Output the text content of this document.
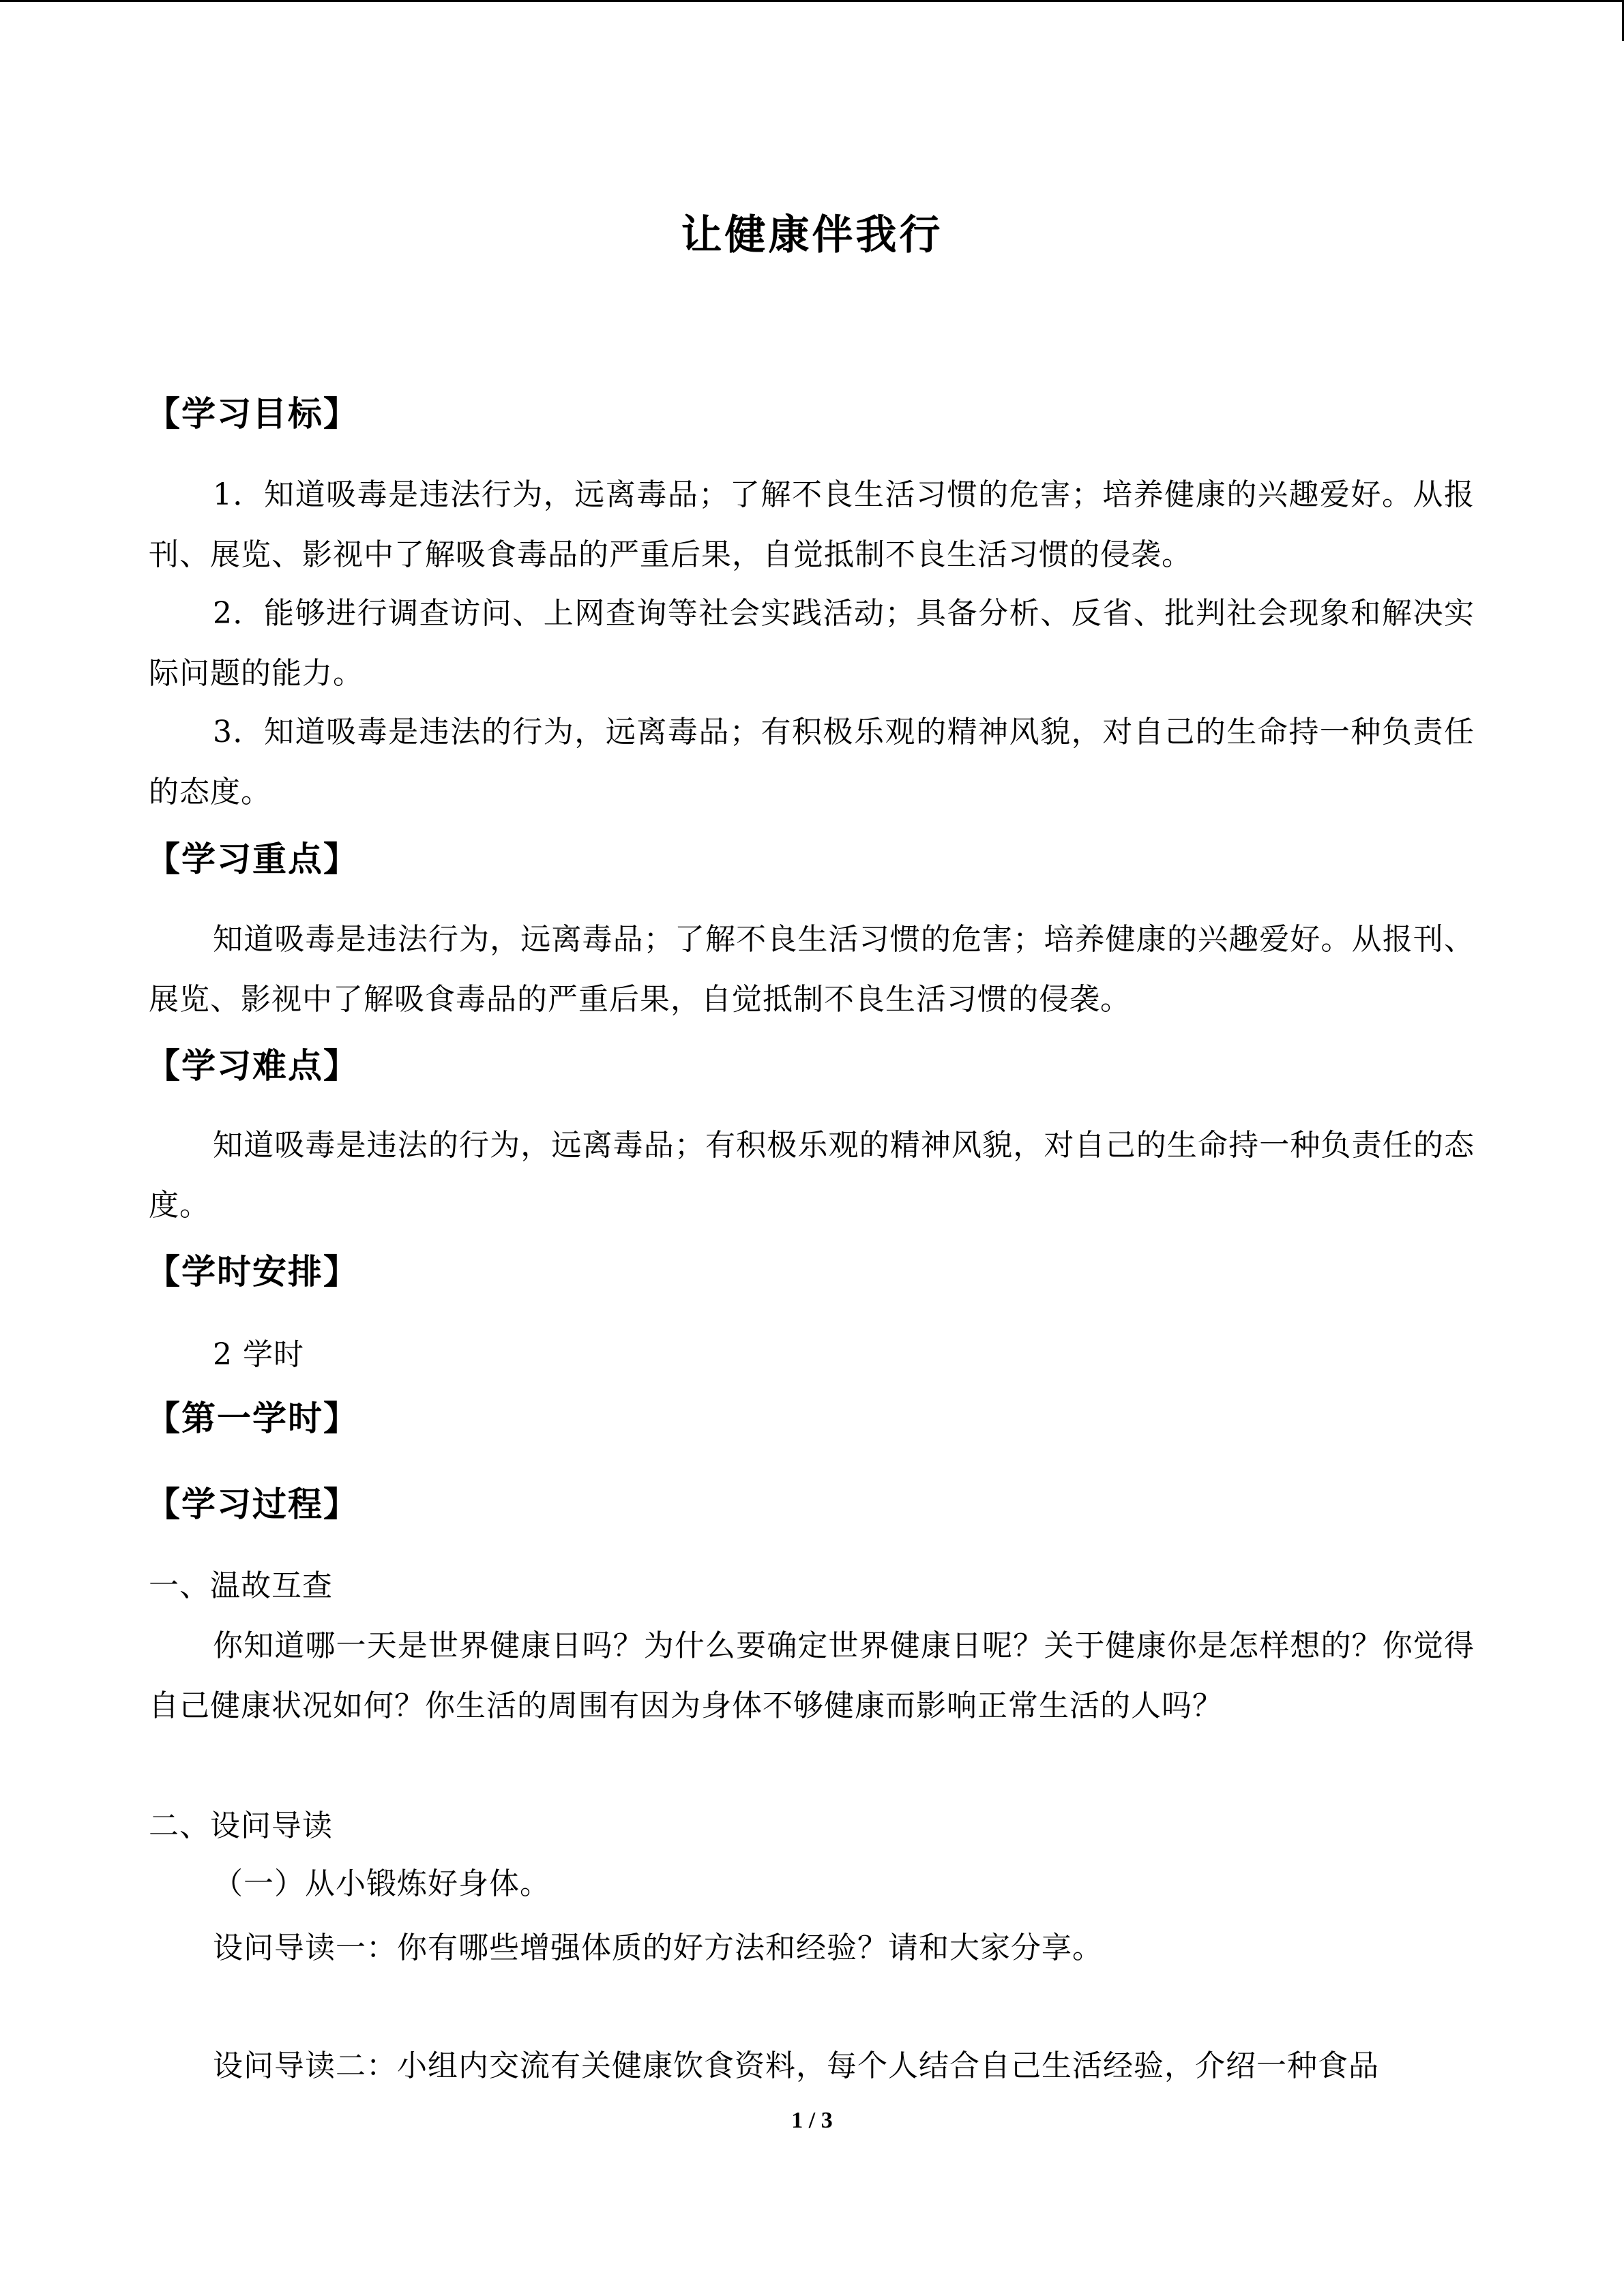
让健康伴我行
【学习目标】
1．知道吸毒是违法行为，远离毒品；了解不良生活习惯的危害；培养健康的兴趣爱好。从报刊、展览、影视中了解吸食毒品的严重后果，自觉抵制不良生活习惯的侵袭。
2．能够进行调查访问、上网查询等社会实践活动；具备分析、反省、批判社会现象和解决实际问题的能力。
3．知道吸毒是违法的行为，远离毒品；有积极乐观的精神风貌，对自己的生命持一种负责任的态度。
【学习重点】
知道吸毒是违法行为，远离毒品；了解不良生活习惯的危害；培养健康的兴趣爱好。从报刊、展览、影视中了解吸食毒品的严重后果，自觉抵制不良生活习惯的侵袭。
【学习难点】
知道吸毒是违法的行为，远离毒品；有积极乐观的精神风貌，对自己的生命持一种负责任的态度。
【学时安排】
2 学时
【第一学时】
【学习过程】
一、温故互查
你知道哪一天是世界健康日吗？为什么要确定世界健康日呢？关于健康你是怎样想的？你觉得自己健康状况如何？你生活的周围有因为身体不够健康而影响正常生活的人吗？
二、设问导读
（一）从小锻炼好身体。
设问导读一：你有哪些增强体质的好方法和经验？请和大家分享。
设问导读二：小组内交流有关健康饮食资料，每个人结合自己生活经验，介绍一种食品
1 / 3
